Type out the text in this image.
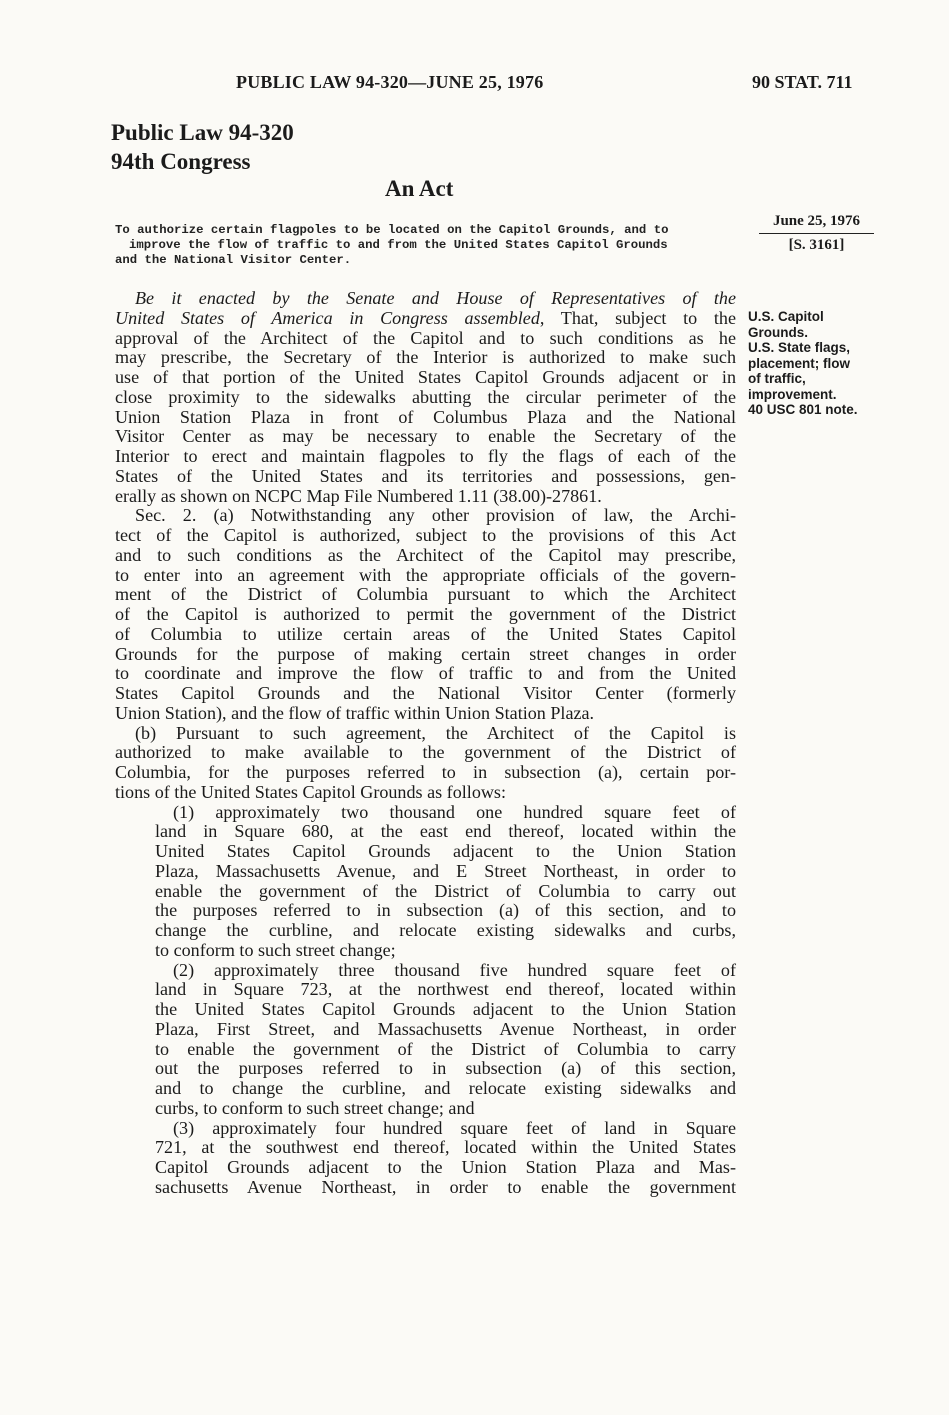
PUBLIC LAW 94-320—JUNE 25, 1976	90 STAT. 711
Public Law 94-320
94th Congress
An Act
To authorize certain flagpoles to be located on the Capitol Grounds, and to
improve the flow of traffic to and from the United States Capitol Grounds
and the National Visitor Center.
June 25, 1976
[S. 3161]
U.S. Capitol
Grounds.
U.S. State flags,
placement; flow
of traffic,
improvement.
40 USC 801 note.
Be it enacted by the Senate and House of Representatives of the
United States of America in Congress assembled, That, subject to the
approval of the Architect of the Capitol and to such conditions as he
may prescribe, the Secretary of the Interior is authorized to make such
use of that portion of the United States Capitol Grounds adjacent or in
close proximity to the sidewalks abutting the circular perimeter of the
Union Station Plaza in front of Columbus Plaza and the National
Visitor Center as may be necessary to enable the Secretary of the
Interior to erect and maintain flagpoles to fly the flags of each of the
States of the United States and its territories and possessions, gen-
erally as shown on NCPC Map File Numbered 1.11 (38.00)-27861.
Sec. 2. (a) Notwithstanding any other provision of law, the Archi-
tect of the Capitol is authorized, subject to the provisions of this Act
and to such conditions as the Architect of the Capitol may prescribe,
to enter into an agreement with the appropriate officials of the govern-
ment of the District of Columbia pursuant to which the Architect
of the Capitol is authorized to permit the government of the District
of Columbia to utilize certain areas of the United States Capitol
Grounds for the purpose of making certain street changes in order
to coordinate and improve the flow of traffic to and from the United
States Capitol Grounds and the National Visitor Center (formerly
Union Station), and the flow of traffic within Union Station Plaza.
(b) Pursuant to such agreement, the Architect of the Capitol is
authorized to make available to the government of the District of
Columbia, for the purposes referred to in subsection (a), certain por-
tions of the United States Capitol Grounds as follows:
(1) approximately two thousand one hundred square feet of
land in Square 680, at the east end thereof, located within the
United States Capitol Grounds adjacent to the Union Station
Plaza, Massachusetts Avenue, and E Street Northeast, in order to
enable the government of the District of Columbia to carry out
the purposes referred to in subsection (a) of this section, and to
change the curbline, and relocate existing sidewalks and curbs,
to conform to such street change;
(2) approximately three thousand five hundred square feet of
land in Square 723, at the northwest end thereof, located within
the United States Capitol Grounds adjacent to the Union Station
Plaza, First Street, and Massachusetts Avenue Northeast, in order
to enable the government of the District of Columbia to carry
out the purposes referred to in subsection (a) of this section,
and to change the curbline, and relocate existing sidewalks and
curbs, to conform to such street change; and
(3) approximately four hundred square feet of land in Square
721, at the southwest end thereof, located within the United States
Capitol Grounds adjacent to the Union Station Plaza and Mas-
sachusetts Avenue Northeast, in order to enable the government
